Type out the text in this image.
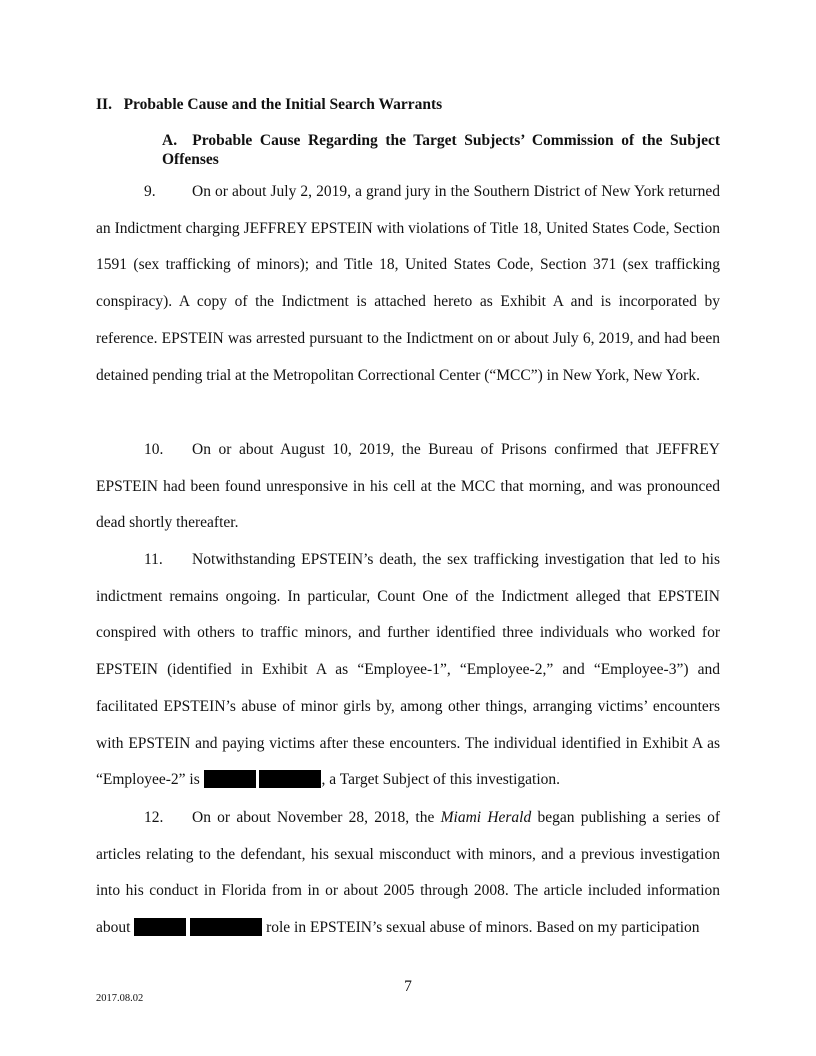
II.   Probable Cause and the Initial Search Warrants
A.  Probable Cause Regarding the Target Subjects’ Commission of the Subject Offenses
9. On or about July 2, 2019, a grand jury in the Southern District of New York returned an Indictment charging JEFFREY EPSTEIN with violations of Title 18, United States Code, Section 1591 (sex trafficking of minors); and Title 18, United States Code, Section 371 (sex trafficking conspiracy). A copy of the Indictment is attached hereto as Exhibit A and is incorporated by reference. EPSTEIN was arrested pursuant to the Indictment on or about July 6, 2019, and had been detained pending trial at the Metropolitan Correctional Center (“MCC”) in New York, New York.
10. On or about August 10, 2019, the Bureau of Prisons confirmed that JEFFREY EPSTEIN had been found unresponsive in his cell at the MCC that morning, and was pronounced dead shortly thereafter.
11. Notwithstanding EPSTEIN’s death, the sex trafficking investigation that led to his indictment remains ongoing. In particular, Count One of the Indictment alleged that EPSTEIN conspired with others to traffic minors, and further identified three individuals who worked for EPSTEIN (identified in Exhibit A as “Employee-1”, “Employee-2,” and “Employee-3”) and facilitated EPSTEIN’s abuse of minor girls by, among other things, arranging victims’ encounters with EPSTEIN and paying victims after these encounters. The individual identified in Exhibit A as “Employee-2” is	, a Target Subject of this investigation.
12. On or about November 28, 2018, the Miami Herald began publishing a series of articles relating to the defendant, his sexual misconduct with minors, and a previous investigation into his conduct in Florida from in or about 2005 through 2008. The article included information about	role in EPSTEIN’s sexual abuse of minors. Based on my participation
7
2017.08.02
